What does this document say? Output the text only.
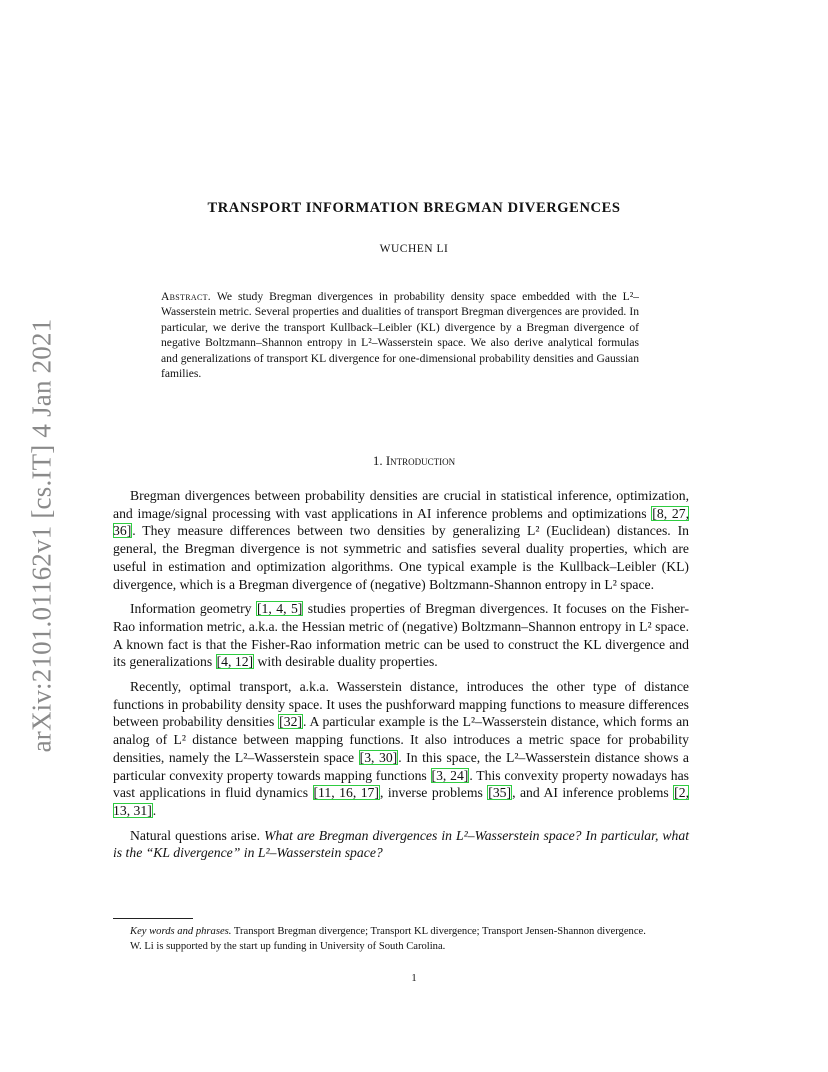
arXiv:2101.01162v1 [cs.IT] 4 Jan 2021
TRANSPORT INFORMATION BREGMAN DIVERGENCES
WUCHEN LI
Abstract. We study Bregman divergences in probability density space embedded with the L²–Wasserstein metric. Several properties and dualities of transport Bregman divergences are provided. In particular, we derive the transport Kullback–Leibler (KL) divergence by a Bregman divergence of negative Boltzmann–Shannon entropy in L²–Wasserstein space. We also derive analytical formulas and generalizations of transport KL divergence for one-dimensional probability densities and Gaussian families.
1. Introduction

Bregman divergences between probability densities are crucial in statistical inference, optimization, and image/signal processing with vast applications in AI inference problems and optimizations [8, 27, 36]. They measure differences between two densities by generalizing L² (Euclidean) distances. In general, the Bregman divergence is not symmetric and satisfies several duality properties, which are useful in estimation and optimization algorithms. One typical example is the Kullback–Leibler (KL) divergence, which is a Bregman divergence of (negative) Boltzmann-Shannon entropy in L² space.

Information geometry [1, 4, 5] studies properties of Bregman divergences. It focuses on the Fisher-Rao information metric, a.k.a. the Hessian metric of (negative) Boltzmann–Shannon entropy in L² space. A known fact is that the Fisher-Rao information metric can be used to construct the KL divergence and its generalizations [4, 12] with desirable duality properties.

Recently, optimal transport, a.k.a. Wasserstein distance, introduces the other type of distance functions in probability density space. It uses the pushforward mapping functions to measure differences between probability densities [32]. A particular example is the L²–Wasserstein distance, which forms an analog of L² distance between mapping functions. It also introduces a metric space for probability densities, namely the L²–Wasserstein space [3, 30]. In this space, the L²–Wasserstein distance shows a particular convexity property towards mapping functions [3, 24]. This convexity property nowadays has vast applications in fluid dynamics [11, 16, 17], inverse problems [35], and AI inference problems [2, 13, 31].

Natural questions arise. What are Bregman divergences in L²–Wasserstein space? In particular, what is the “KL divergence” in L²–Wasserstein space?

Key words and phrases. Transport Bregman divergence; Transport KL divergence; Transport Jensen-Shannon divergence.

W. Li is supported by the start up funding in University of South Carolina.

1
